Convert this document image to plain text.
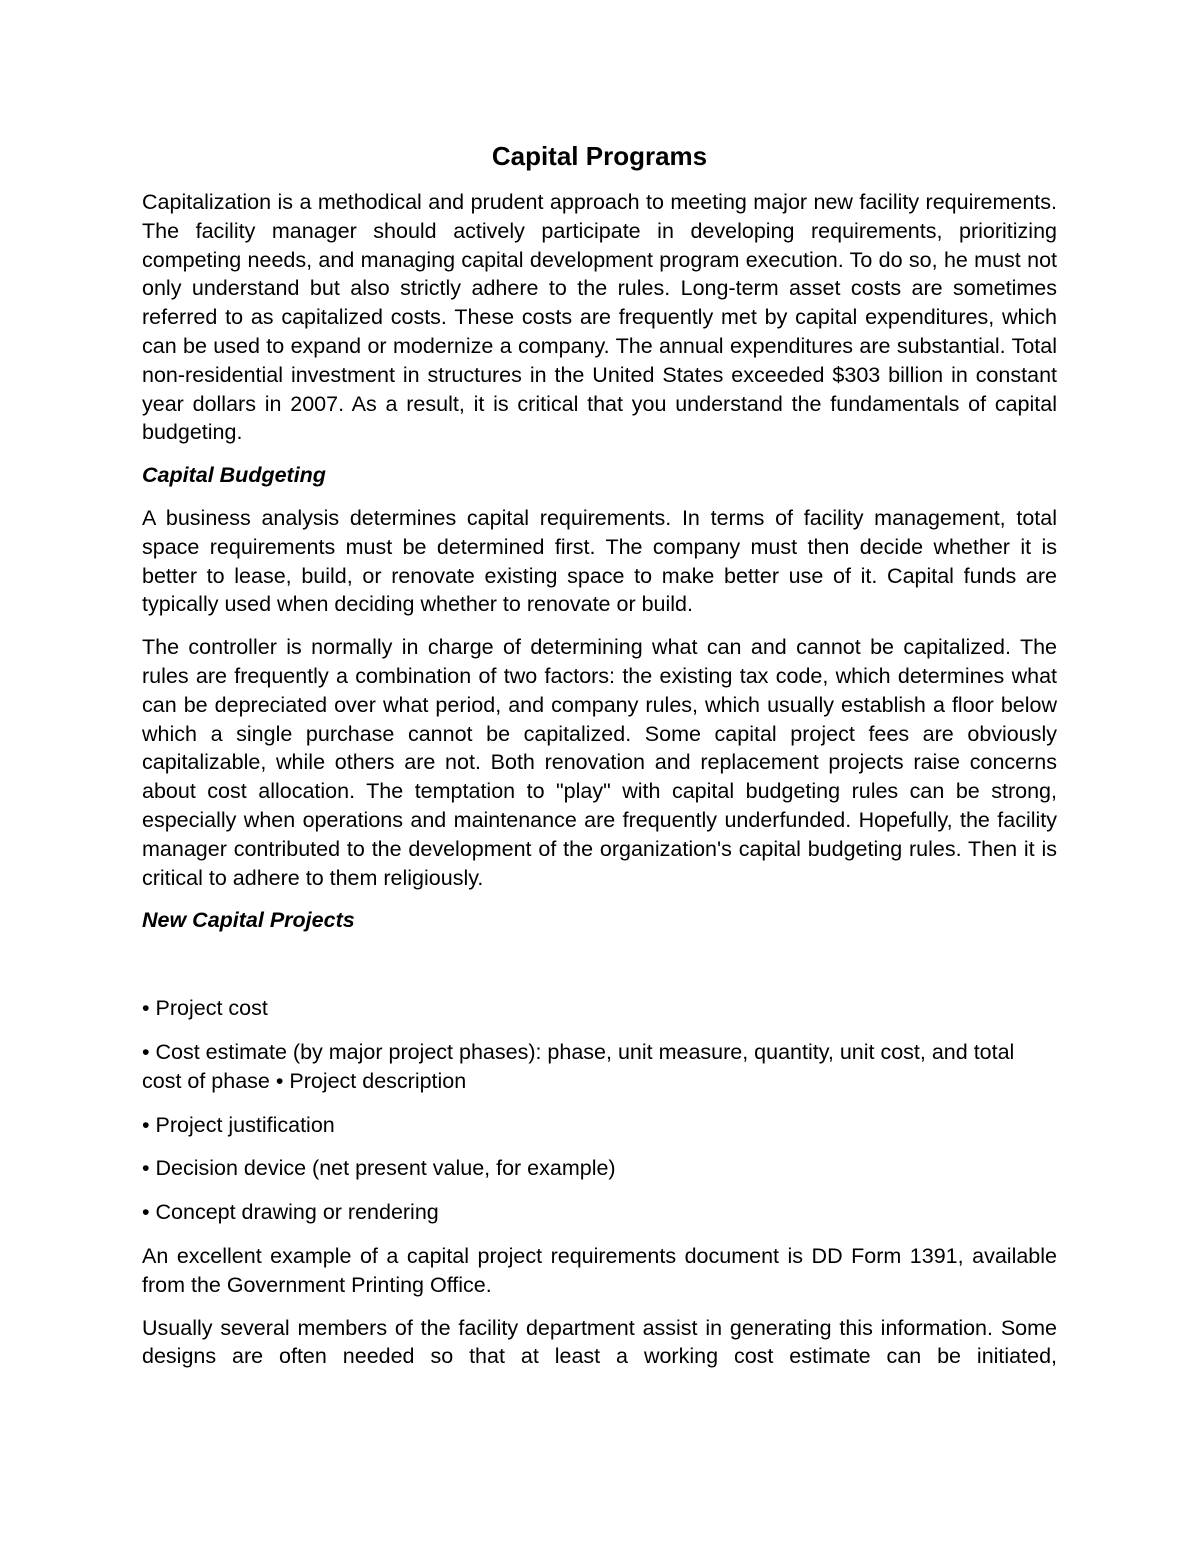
Capital Programs

Capitalization is a methodical and prudent approach to meeting major new facility requirements. The facility manager should actively participate in developing requirements, prioritizing competing needs, and managing capital development program execution. To do so, he must not only understand but also strictly adhere to the rules. Long-term asset costs are sometimes referred to as capitalized costs. These costs are frequently met by capital expenditures, which can be used to expand or modernize a company. The annual expenditures are substantial. Total non-residential investment in structures in the United States exceeded $303 billion in constant year dollars in 2007. As a result, it is critical that you understand the fundamentals of capital budgeting.

Capital Budgeting

A business analysis determines capital requirements. In terms of facility management, total space requirements must be determined first. The company must then decide whether it is better to lease, build, or renovate existing space to make better use of it. Capital funds are typically used when deciding whether to renovate or build.

The controller is normally in charge of determining what can and cannot be capitalized. The rules are frequently a combination of two factors: the existing tax code, which determines what can be depreciated over what period, and company rules, which usually establish a floor below which a single purchase cannot be capitalized. Some capital project fees are obviously capitalizable, while others are not. Both renovation and replacement projects raise concerns about cost allocation. The temptation to "play" with capital budgeting rules can be strong, especially when operations and maintenance are frequently underfunded. Hopefully, the facility manager contributed to the development of the organization's capital budgeting rules. Then it is critical to adhere to them religiously.

New Capital Projects

• Project cost

• Cost estimate (by major project phases): phase, unit measure, quantity, unit cost, and total cost of phase • Project description

• Project justification

• Decision device (net present value, for example)

• Concept drawing or rendering

An excellent example of a capital project requirements document is DD Form 1391, available from the Government Printing Office.

Usually several members of the facility department assist in generating this information. Some designs are often needed so that at least a working cost estimate can be initiated,
